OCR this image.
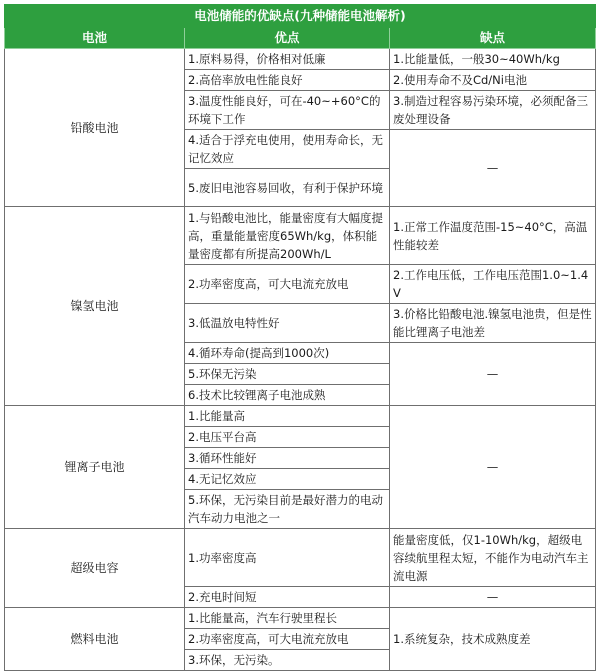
电池储能的优缺点(九种储能电池解析)		
电池	优点	缺点
铅酸电池	1.原料易得，价格相对低廉	1.比能量低，一般30~40Wh/kg
	2.高倍率放电性能良好	2.使用寿命不及Cd/Ni电池
	3.温度性能良好，可在-40~+60°C的环境下工作	3.制造过程容易污染环境，必须配备三废处理设备
	4.适合于浮充电使用，使用寿命长，无记忆效应	—
	5.废旧电池容易回收，有利于保护环境	
镍氢电池	1.与铅酸电池比，能量密度有大幅度提高，重量能量密度65Wh/kg，体积能量密度都有所提高200Wh/L	1.正常工作温度范围-15~40°C，高温性能较差
	2.功率密度高，可大电流充放电	2.工作电压低，工作电压范围1.0~1.4V
	3.低温放电特性好	3.价格比铅酸电池.镍氢电池贵，但是性能比锂离子电池差
	4.循环寿命(提高到1000次)	—
	5.环保无污染	
	6.技术比较锂离子电池成熟	
锂离子电池	1.比能量高	—
	2.电压平台高	
	3.循环性能好	
	4.无记忆效应	
	5.环保，无污染目前是最好潜力的电动汽车动力电池之一	
超级电容	1.功率密度高	能量密度低，仅1-10Wh/kg，超级电容续航里程太短，不能作为电动汽车主流电源
	2.充电时间短	—
燃料电池	1.比能量高，汽车行驶里程长	1.系统复杂，技术成熟度差
	2.功率密度高，可大电流充放电	
	3.环保，无污染。	
